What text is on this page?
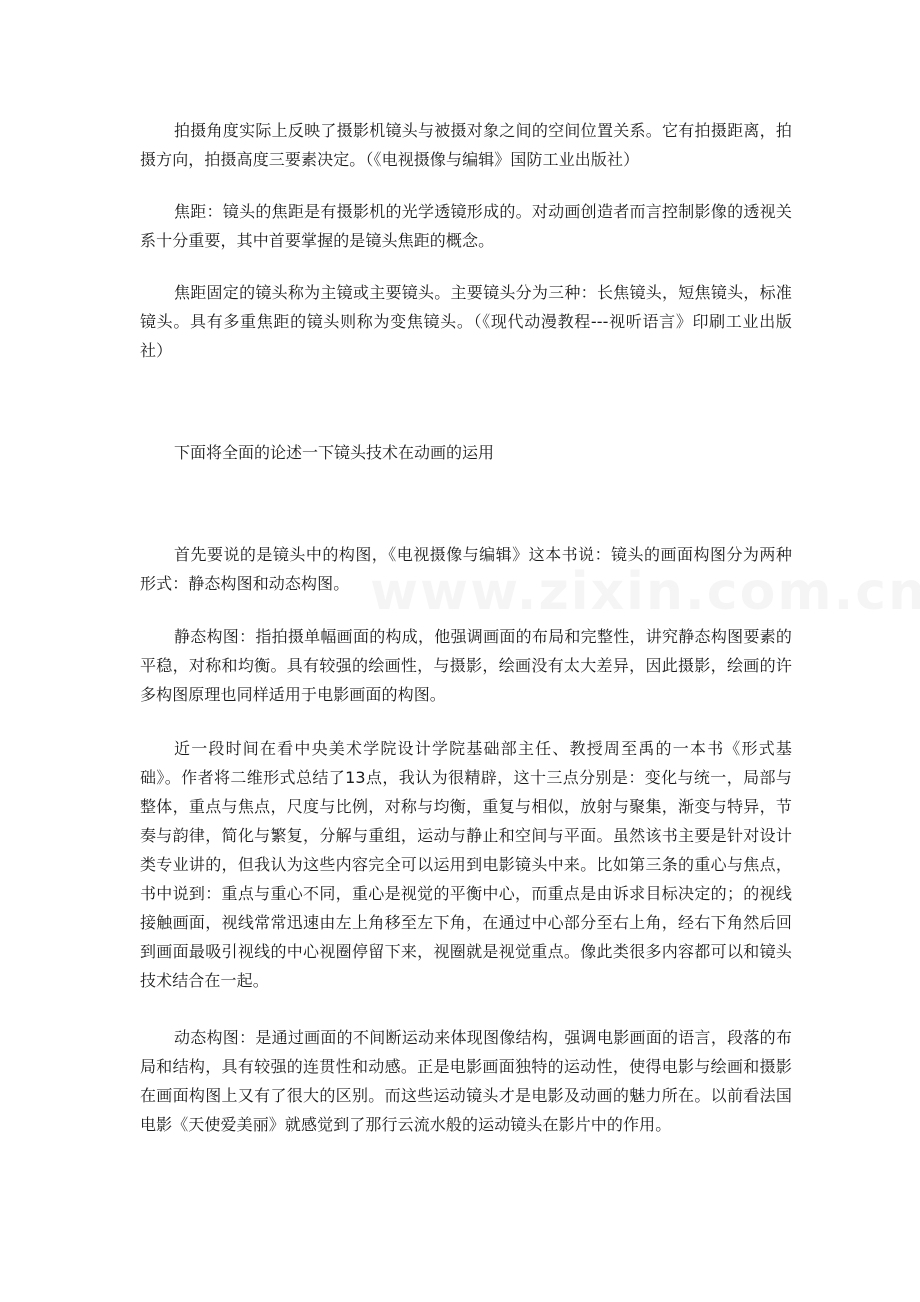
拍摄角度实际上反映了摄影机镜头与被摄对象之间的空间位置关系。它有拍摄距离，拍摄方向，拍摄高度三要素决定。（《电视摄像与编辑》国防工业出版社）

焦距：镜头的焦距是有摄影机的光学透镜形成的。对动画创造者而言控制影像的透视关系十分重要，其中首要掌握的是镜头焦距的概念。

焦距固定的镜头称为主镜或主要镜头。主要镜头分为三种：长焦镜头，短焦镜头，标准镜头。具有多重焦距的镜头则称为变焦镜头。（《现代动漫教程---视听语言》印刷工业出版社）

下面将全面的论述一下镜头技术在动画的运用

首先要说的是镜头中的构图，《电视摄像与编辑》这本书说：镜头的画面构图分为两种形式：静态构图和动态构图。

静态构图：指拍摄单幅画面的构成，他强调画面的布局和完整性，讲究静态构图要素的平稳，对称和均衡。具有较强的绘画性，与摄影，绘画没有太大差异，因此摄影，绘画的许多构图原理也同样适用于电影画面的构图。

近一段时间在看中央美术学院设计学院基础部主任、教授周至禹的一本书《形式基础》。作者将二维形式总结了13点，我认为很精辟，这十三点分别是：变化与统一，局部与整体，重点与焦点，尺度与比例，对称与均衡，重复与相似，放射与聚集，渐变与特异，节 奏与韵律，简化与繁复，分解与重组，运动与静止和空间与平面。虽然该书主要是针对设计类专业讲的，但我认为这些内容完全可以运用到电影镜头中来。比如第三条的重心与焦点，书中说到：重点与重心不同，重心是视觉的平衡中心，而重点是由诉求目标决定的；的视线接触画面，视线常常迅速由左上角移至左下角，在通过中心部分至右上角，经右下角然后回到画面最吸引视线的中心视圈停留下来，视圈就是视觉重点。像此类很多内容都可以和镜头技术结合在一起。

动态构图：是通过画面的不间断运动来体现图像结构，强调电影画面的语言，段落的布局和结构，具有较强的连贯性和动感。正是电影画面独特的运动性，使得电影与绘画和摄影在画面构图上又有了很大的区别。而这些运动镜头才是电影及动画的魅力所在。以前看法国电影《天使爱美丽》就感觉到了那行云流水般的运动镜头在影片中的作用。
